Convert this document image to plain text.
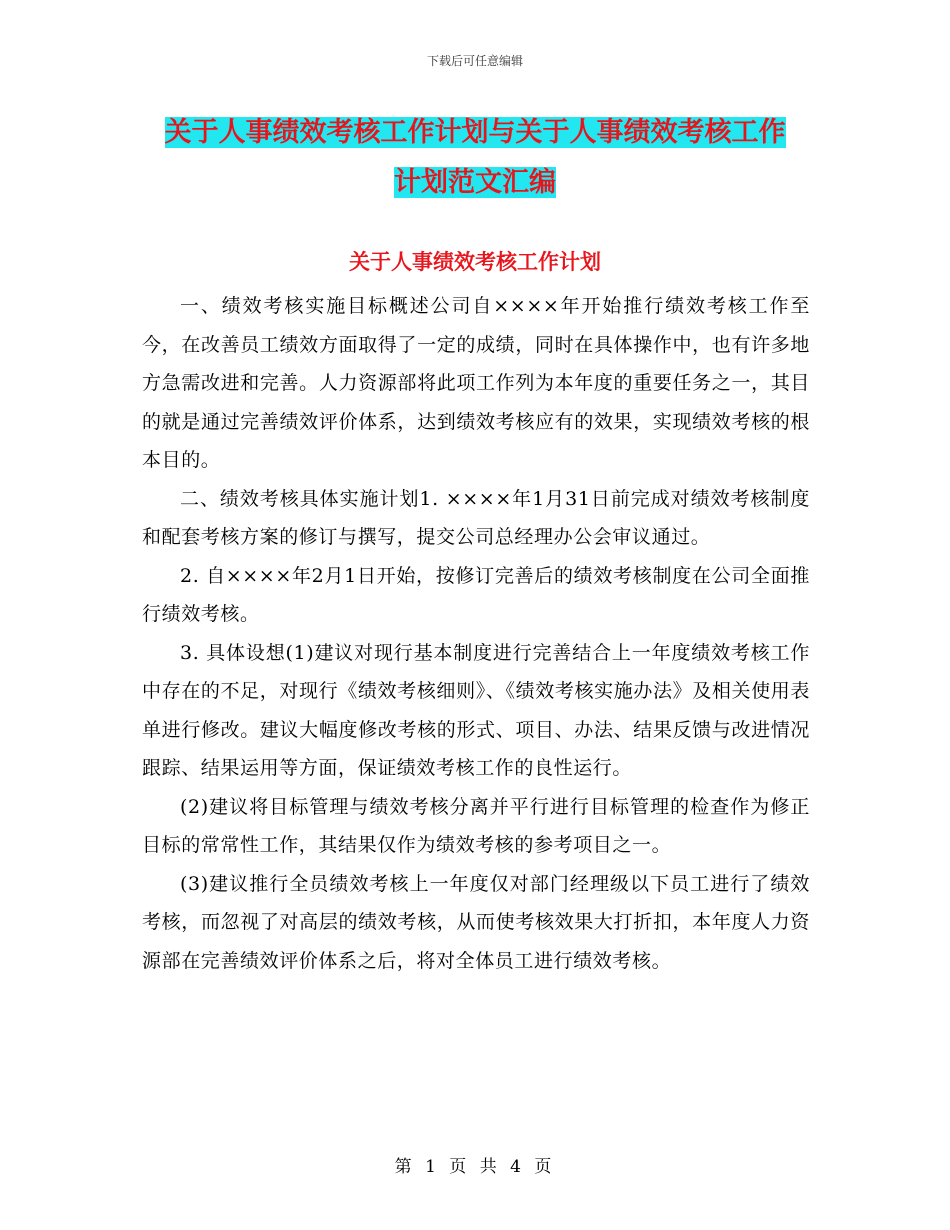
下载后可任意编辑
关于人事绩效考核工作计划与关于人事绩效考核工作
计划范文汇编
关于人事绩效考核工作计划

一、绩效考核实施目标概述公司自××××年开始推行绩效考核工作至今，在改善员工绩效方面取得了一定的成绩，同时在具体操作中，也有许多地方急需改进和完善。人力资源部将此项工作列为本年度的重要任务之一，其目的就是通过完善绩效评价体系，达到绩效考核应有的效果，实现绩效考核的根本目的。

二、绩效考核具体实施计划1. ××××年1月31日前完成对绩效考核制度和配套考核方案的修订与撰写，提交公司总经理办公会审议通过。

2. 自××××年2月1日开始，按修订完善后的绩效考核制度在公司全面推行绩效考核。

3. 具体设想(1)建议对现行基本制度进行完善结合上一年度绩效考核工作中存在的不足，对现行《绩效考核细则》、《绩效考核实施办法》及相关使用表单进行修改。建议大幅度修改考核的形式、项目、办法、结果反馈与改进情况跟踪、结果运用等方面，保证绩效考核工作的良性运行。

(2)建议将目标管理与绩效考核分离并平行进行目标管理的检查作为修正目标的常常性工作，其结果仅作为绩效考核的参考项目之一。

(3)建议推行全员绩效考核上一年度仅对部门经理级以下员工进行了绩效考核，而忽视了对高层的绩效考核，从而使考核效果大打折扣，本年度人力资源部在完善绩效评价体系之后，将对全体员工进行绩效考核。

第 1 页 共 4 页
